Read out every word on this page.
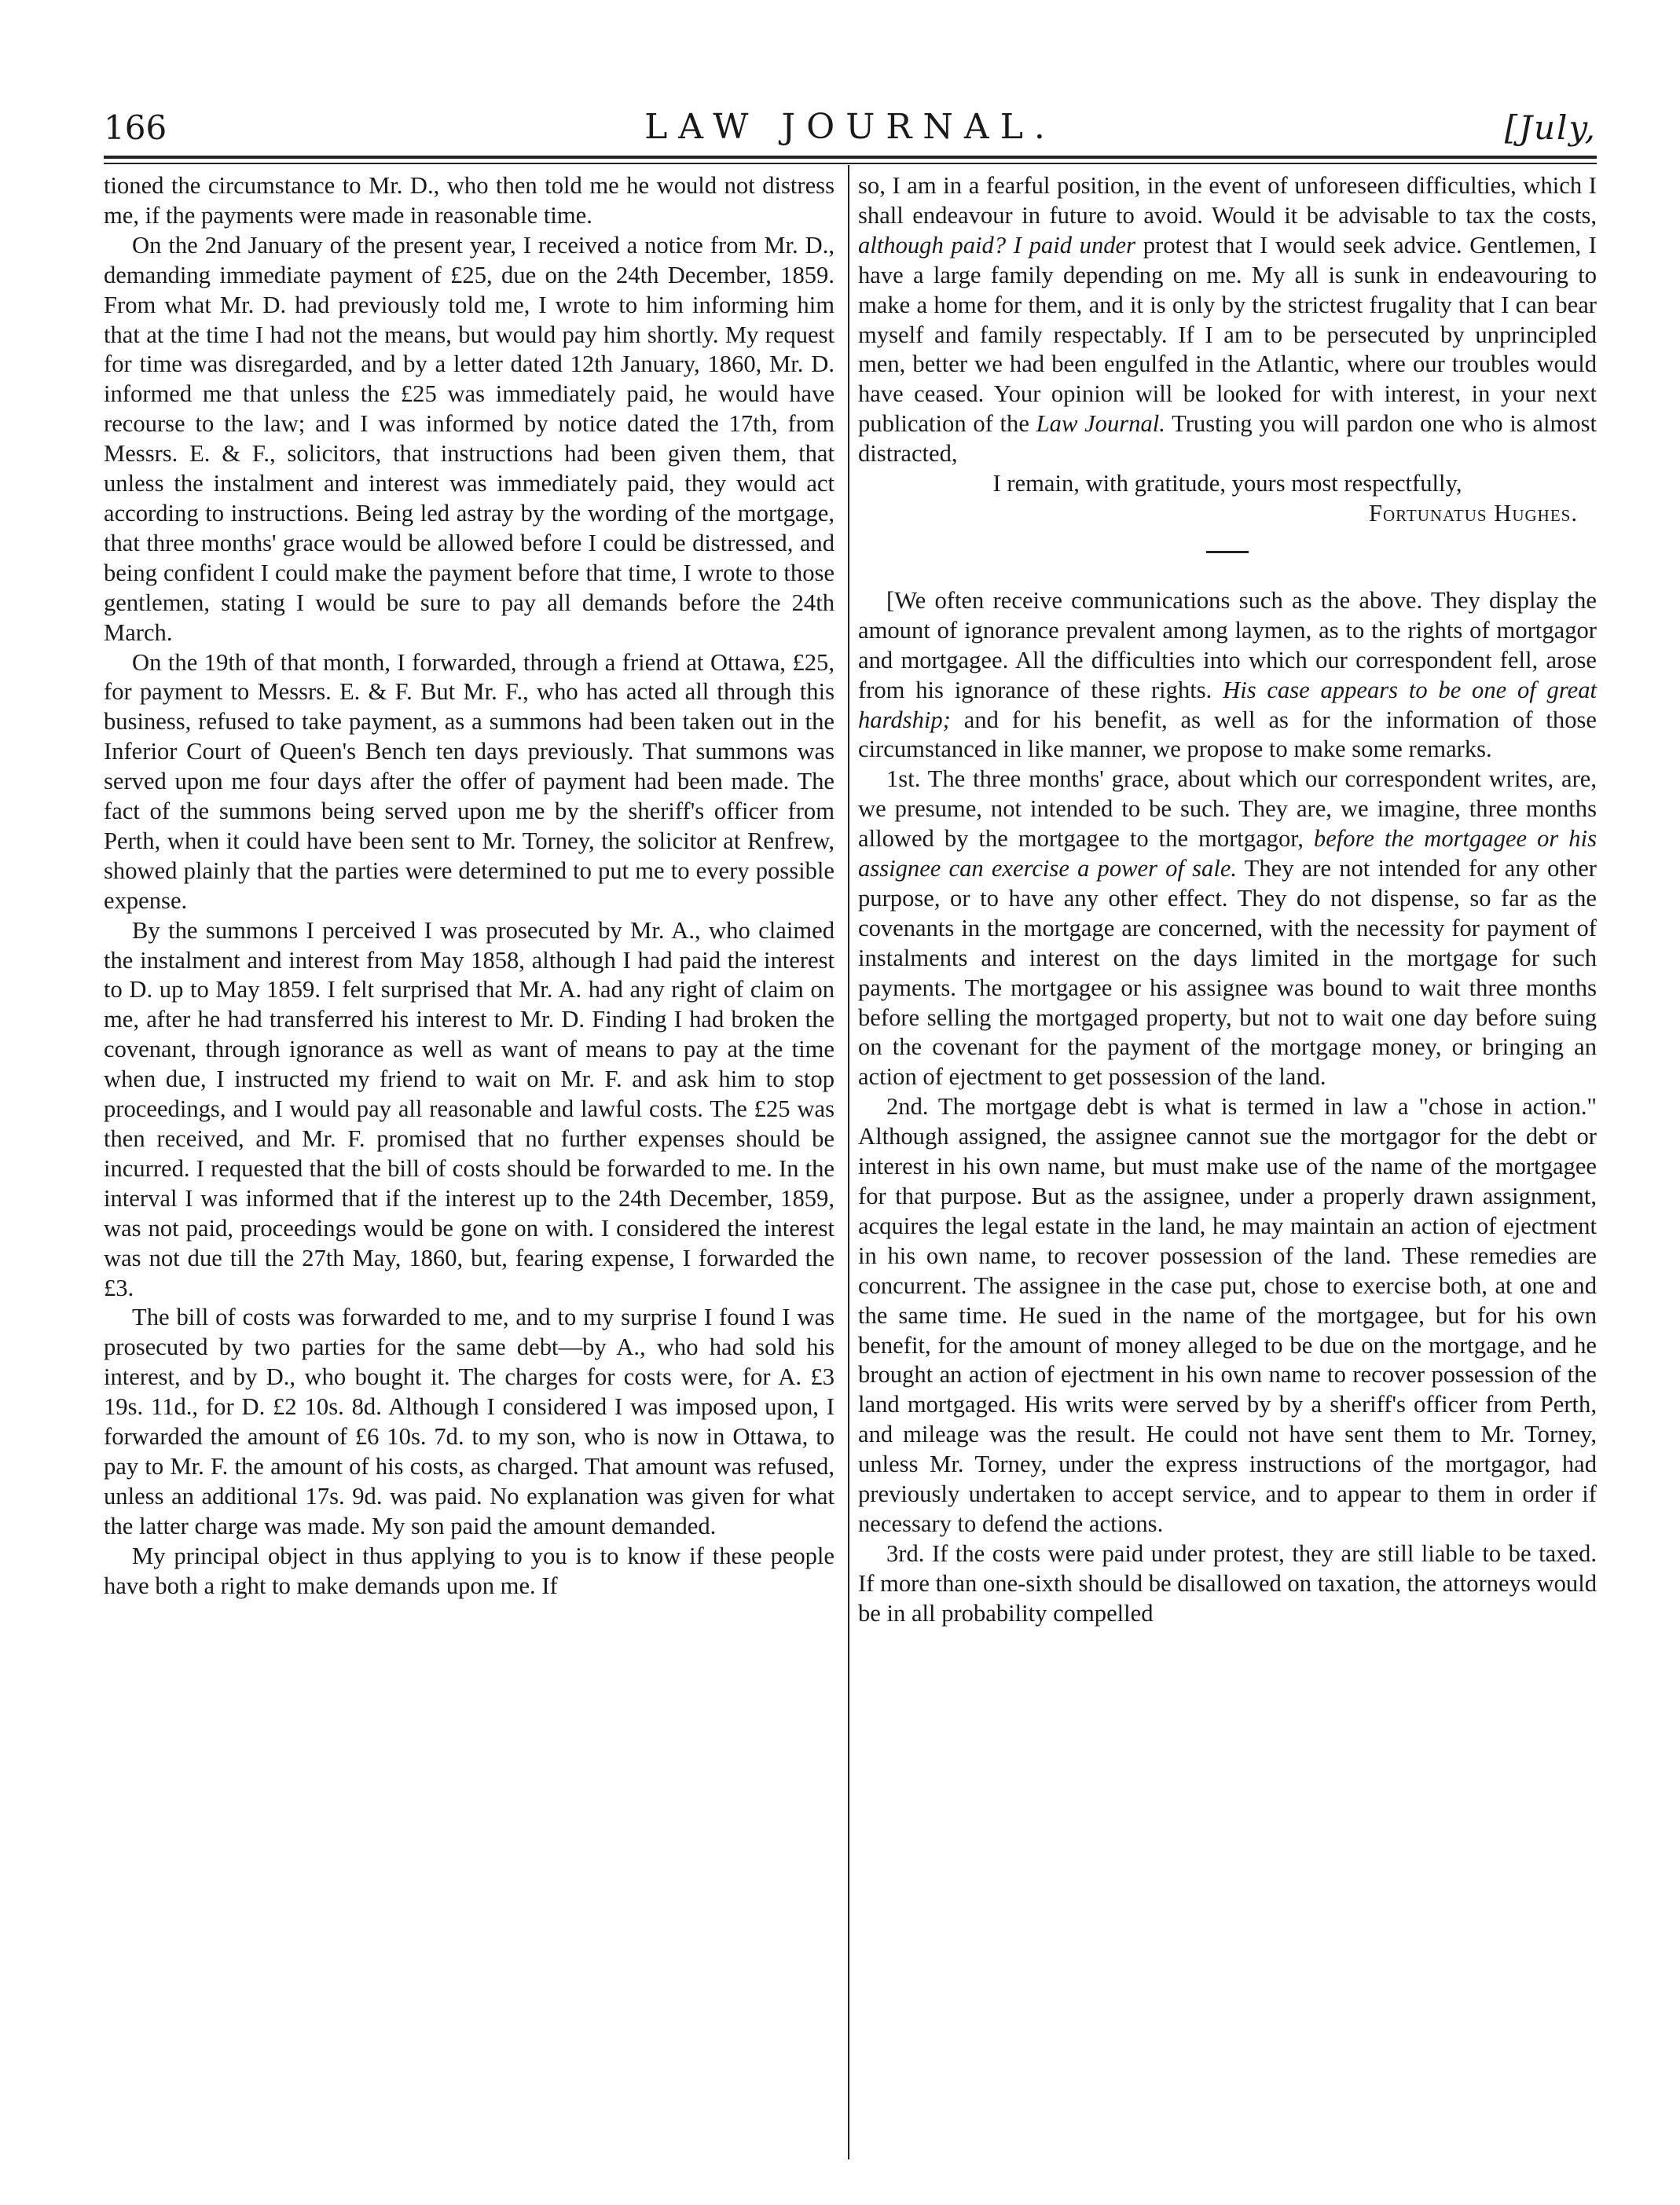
166	LAW JOURNAL.	[July,

tioned the circumstance to Mr. D., who then told me he would not distress me, if the payments were made in reasonable time.

On the 2nd January of the present year, I received a notice from Mr. D., demanding immediate payment of £25, due on the 24th December, 1859. From what Mr. D. had previously told me, I wrote to him informing him that at the time I had not the means, but would pay him shortly. My request for time was disregarded, and by a letter dated 12th January, 1860, Mr. D. informed me that unless the £25 was immediately paid, he would have recourse to the law; and I was informed by notice dated the 17th, from Messrs. E. & F., solicitors, that instructions had been given them, that unless the instalment and interest was immediately paid, they would act according to instructions. Being led astray by the wording of the mortgage, that three months' grace would be allowed before I could be distressed, and being confident I could make the payment before that time, I wrote to those gentlemen, stating I would be sure to pay all demands before the 24th March.

On the 19th of that month, I forwarded, through a friend at Ottawa, £25, for payment to Messrs. E. & F. But Mr. F., who has acted all through this business, refused to take payment, as a summons had been taken out in the Inferior Court of Queen's Bench ten days previously. That summons was served upon me four days after the offer of payment had been made. The fact of the summons being served upon me by the sheriff's officer from Perth, when it could have been sent to Mr. Torney, the solicitor at Renfrew, showed plainly that the parties were determined to put me to every possible expense.

By the summons I perceived I was prosecuted by Mr. A., who claimed the instalment and interest from May 1858, although I had paid the interest to D. up to May 1859. I felt surprised that Mr. A. had any right of claim on me, after he had transferred his interest to Mr. D. Finding I had broken the covenant, through ignorance as well as want of means to pay at the time when due, I instructed my friend to wait on Mr. F. and ask him to stop proceedings, and I would pay all reasonable and lawful costs. The £25 was then received, and Mr. F. promised that no further expenses should be incurred. I requested that the bill of costs should be forwarded to me. In the interval I was informed that if the interest up to the 24th December, 1859, was not paid, proceedings would be gone on with. I considered the interest was not due till the 27th May, 1860, but, fearing expense, I forwarded the £3.

The bill of costs was forwarded to me, and to my surprise I found I was prosecuted by two parties for the same debt—by A., who had sold his interest, and by D., who bought it. The charges for costs were, for A. £3 19s. 11d., for D. £2 10s. 8d. Although I considered I was imposed upon, I forwarded the amount of £6 10s. 7d. to my son, who is now in Ottawa, to pay to Mr. F. the amount of his costs, as charged. That amount was refused, unless an additional 17s. 9d. was paid. No explanation was given for what the latter charge was made. My son paid the amount demanded.

My principal object in thus applying to you is to know if these people have both a right to make demands upon me. If

so, I am in a fearful position, in the event of unforeseen difficulties, which I shall endeavour in future to avoid. Would it be advisable to tax the costs, although paid? I paid under protest that I would seek advice. Gentlemen, I have a large family depending on me. My all is sunk in endeavouring to make a home for them, and it is only by the strictest frugality that I can bear myself and family respectably. If I am to be persecuted by unprincipled men, better we had been engulfed in the Atlantic, where our troubles would have ceased. Your opinion will be looked for with interest, in your next publication of the Law Journal. Trusting you will pardon one who is almost distracted,

I remain, with gratitude, yours most respectfully,

Fortunatus Hughes.

[We often receive communications such as the above. They display the amount of ignorance prevalent among laymen, as to the rights of mortgagor and mortgagee. All the difficulties into which our correspondent fell, arose from his ignorance of these rights. His case appears to be one of great hardship; and for his benefit, as well as for the information of those circumstanced in like manner, we propose to make some remarks.

1st. The three months' grace, about which our correspondent writes, are, we presume, not intended to be such. They are, we imagine, three months allowed by the mortgagee to the mortgagor, before the mortgagee or his assignee can exercise a power of sale. They are not intended for any other purpose, or to have any other effect. They do not dispense, so far as the covenants in the mortgage are concerned, with the necessity for payment of instalments and interest on the days limited in the mortgage for such payments. The mortgagee or his assignee was bound to wait three months before selling the mortgaged property, but not to wait one day before suing on the covenant for the payment of the mortgage money, or bringing an action of ejectment to get possession of the land.

2nd. The mortgage debt is what is termed in law a "chose in action." Although assigned, the assignee cannot sue the mortgagor for the debt or interest in his own name, but must make use of the name of the mortgagee for that purpose. But as the assignee, under a properly drawn assignment, acquires the legal estate in the land, he may maintain an action of ejectment in his own name, to recover possession of the land. These remedies are concurrent. The assignee in the case put, chose to exercise both, at one and the same time. He sued in the name of the mortgagee, but for his own benefit, for the amount of money alleged to be due on the mortgage, and he brought an action of ejectment in his own name to recover possession of the land mortgaged. His writs were served by by a sheriff's officer from Perth, and mileage was the result. He could not have sent them to Mr. Torney, unless Mr. Torney, under the express instructions of the mortgagor, had previously undertaken to accept service, and to appear to them in order if necessary to defend the actions.

3rd. If the costs were paid under protest, they are still liable to be taxed. If more than one-sixth should be disallowed on taxation, the attorneys would be in all probability compelled
